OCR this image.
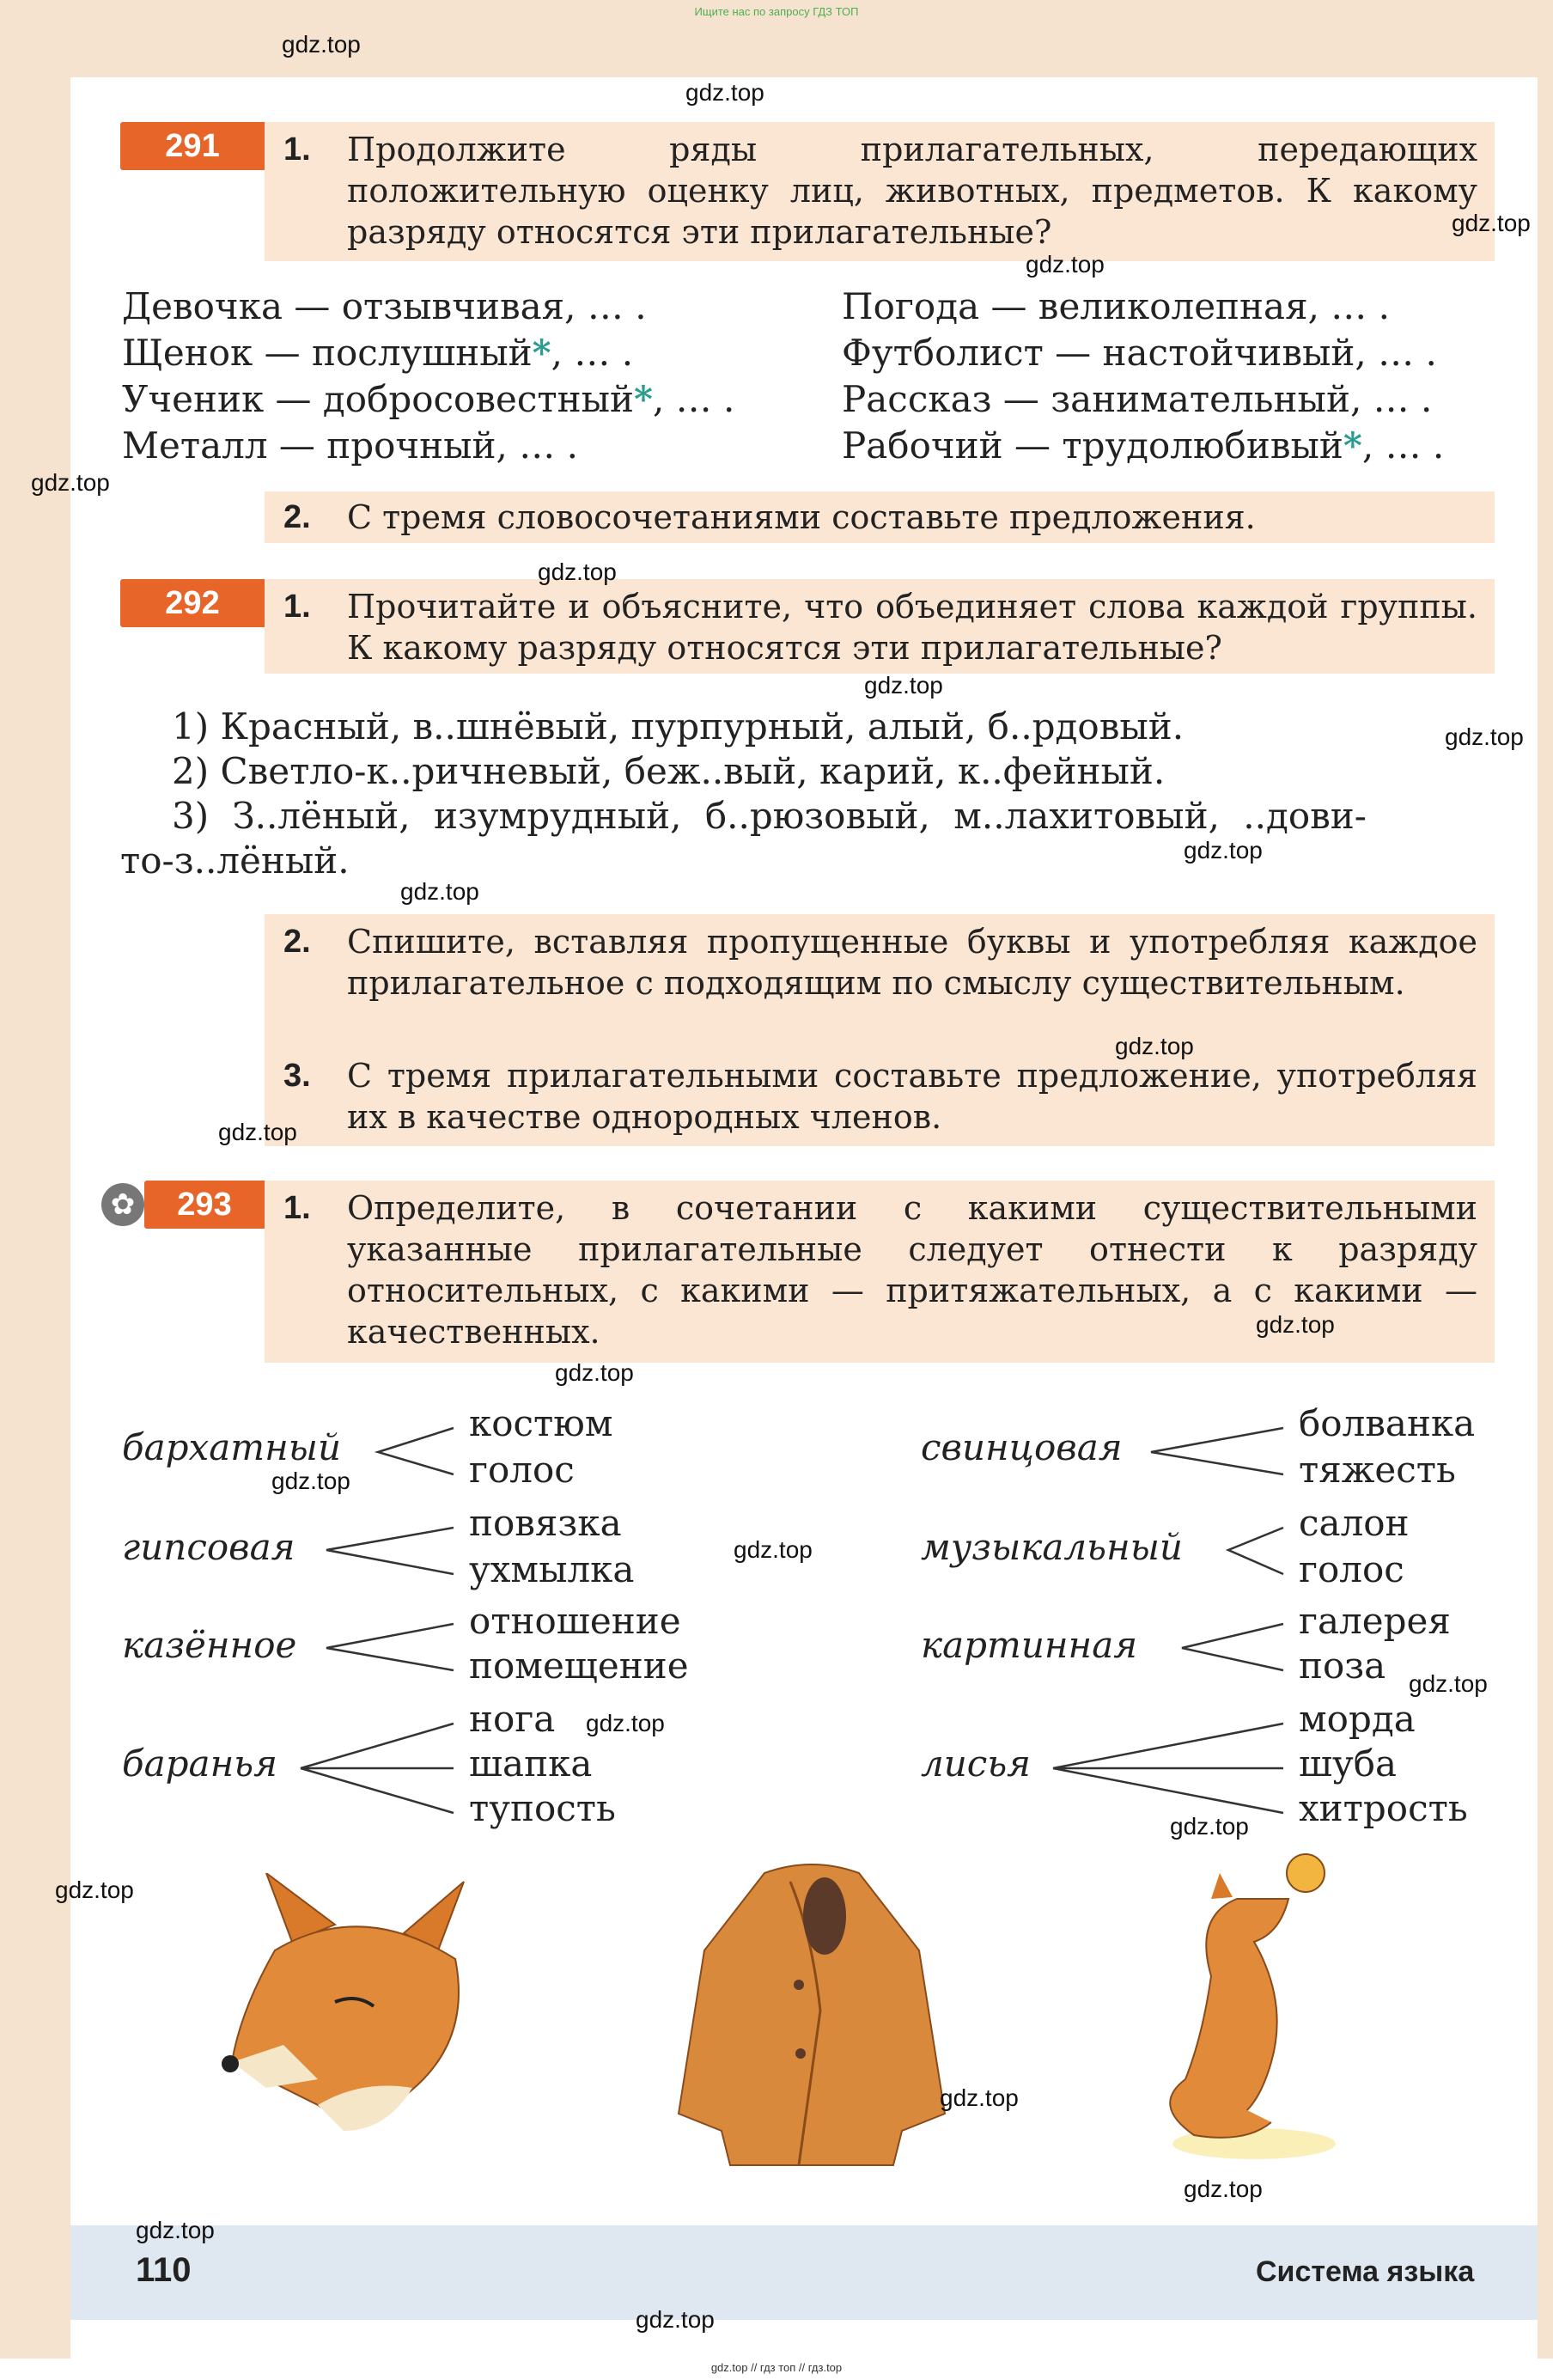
Ищите нас по запросу ГДЗ ТОП
291	1. Продолжите ряды прилагательных, передающих положительную оценку лиц, животных, предметов. К какому разряду относятся эти прилагательные?
Девочка — отзывчивая, … .
Щенок — послушный*, … .
Ученик — добросовестный*, … .
Металл — прочный, … .
Погода — великолепная, … .
Футболист — настойчивый, … .
Рассказ — занимательный, … .
Рабочий — трудолюбивый*, … .
2. С тремя словосочетаниями составьте предложения.
292	1. Прочитайте и объясните, что объединяет слова каждой группы. К какому разряду относятся эти прилагательные?
1) Красный, в..шнёвый, пурпурный, алый, б..рдовый.
2) Светло-к..ричневый, беж..вый, карий, к..фейный.
3) З..лёный, изумрудный, б..рюзовый, м..лахитовый, ..дови-
то-з..лёный.
2. Спишите, вставляя пропущенные буквы и употребляя каждое прилагательное с подходящим по смыслу существительным.
3. С тремя прилагательными составьте предложение, употребляя их в качестве однородных членов.
✿	293	1. Определите, в сочетании с какими существительными указанные прилагательные следует отнести к разряду относительных, с какими — притяжательных, а с какими — качественных.
бархатный
костюм
голос
гипсовая
повязка
ухмылка
казённое
отношение
помещение
баранья
нога
шапка
тупость
свинцовая
болванка
тяжесть
музыкальный
салон
голос
картинная
галерея
поза
лисья
морда
шуба
хитрость
gdz.top
gdz.top
gdz.top
gdz.top
gdz.top
gdz.top
gdz.top
gdz.top
gdz.top
gdz.top
gdz.top
gdz.top
gdz.top
gdz.top
gdz.top
gdz.top
gdz.top
gdz.top
gdz.top
gdz.top
gdz.top
gdz.top
gdz.top
gdz.top
110	Система языка
gdz.top // гдз топ // гдз.top
